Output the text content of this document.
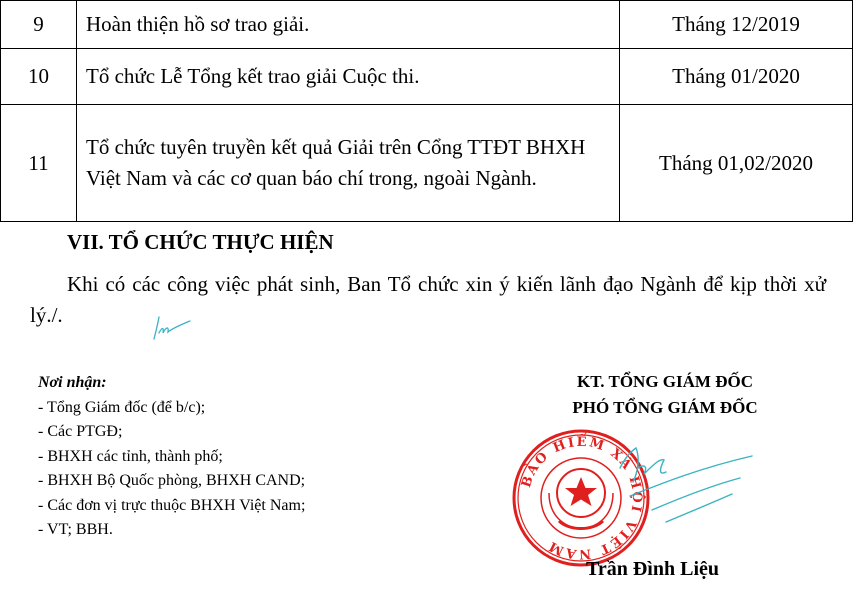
9	Hoàn thiện hồ sơ trao giải.	Tháng 12/2019
10	Tổ chức Lễ Tổng kết trao giải Cuộc thi.	Tháng 01/2020
11	Tổ chức tuyên truyền kết quả Giải trên Cổng TTĐT BHXH Việt Nam và các cơ quan báo chí trong, ngoài Ngành.	Tháng 01,02/2020
VII. TỔ CHỨC THỰC HIỆN
Khi có các công việc phát sinh, Ban Tổ chức xin ý kiến lãnh đạo Ngành để kịp thời xử lý./.
Nơi nhận:
- Tổng Giám đốc (để b/c);
- Các PTGĐ;
- BHXH các tỉnh, thành phố;
- BHXH Bộ Quốc phòng, BHXH CAND;
- Các đơn vị trực thuộc BHXH Việt Nam;
- VT; BBH.
KT. TỔNG GIÁM ĐỐC
PHÓ TỔNG GIÁM ĐỐC
BẢO HIỂM XÃ HỘI VIỆT NAM
Trần Đình Liệu
